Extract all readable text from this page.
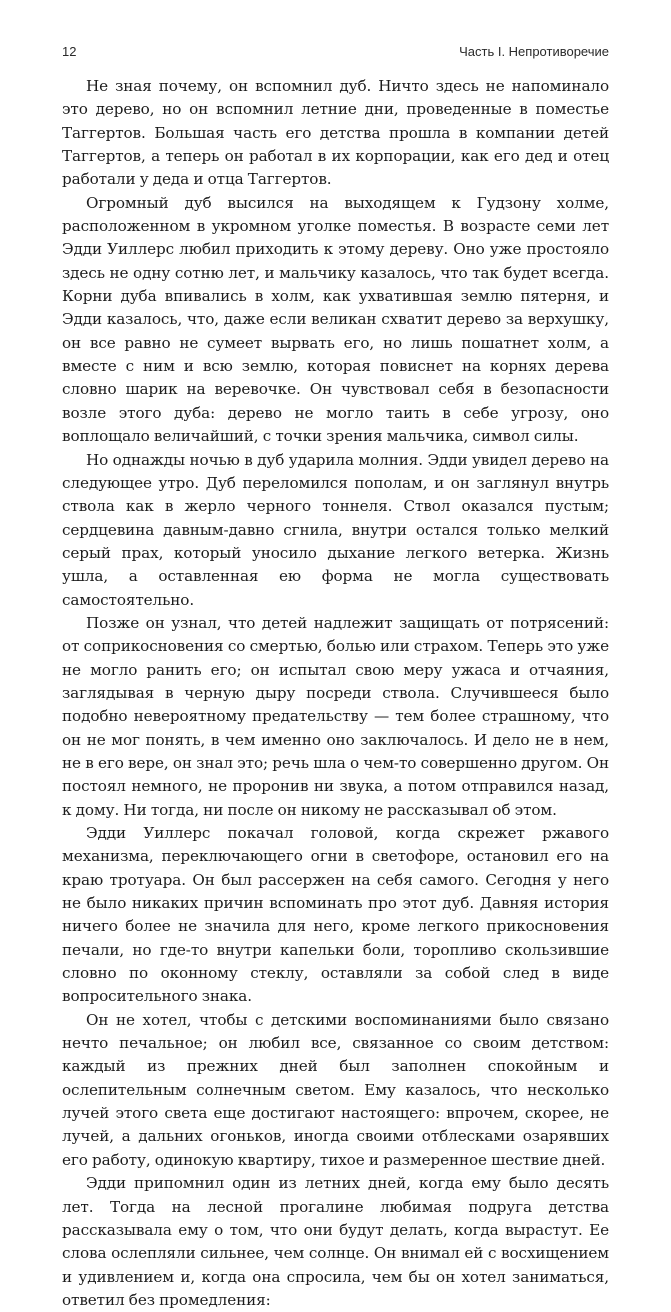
12	Часть I. Непротиворечие

Не зная почему, он вспомнил дуб. Ничто здесь не напоминало это дерево, но он вспомнил летние дни, проведенные в поместье Таггертов. Большая часть его детства прошла в компании детей Таггертов, а теперь он работал в их корпорации, как его дед и отец работали у деда и отца Таггертов.

Огромный дуб высился на выходящем к Гудзону холме, расположенном в укромном уголке поместья. В возрасте семи лет Эдди Уиллерс любил приходить к этому дереву. Оно уже простояло здесь не одну сотню лет, и мальчику казалось, что так будет всегда. Корни дуба впивались в холм, как ухватившая землю пятерня, и Эдди казалось, что, даже если великан схватит дерево за верхушку, он все равно не сумеет вырвать его, но лишь пошатнет холм, а вместе с ним и всю землю, которая повиснет на корнях дерева словно шарик на веревочке. Он чувствовал себя в безопасности возле этого дуба: дерево не могло таить в себе угрозу, оно воплощало величайший, с точки зрения мальчика, символ силы.

Но однажды ночью в дуб ударила молния. Эдди увидел дерево на следующее утро. Дуб переломился пополам, и он заглянул внутрь ствола как в жерло черного тоннеля. Ствол оказался пустым; сердцевина давным-давно сгнила, внутри остался только мелкий серый прах, который уносило дыхание легкого ветерка. Жизнь ушла, а оставленная ею форма не могла существовать самостоятельно.

Позже он узнал, что детей надлежит защищать от потрясений: от соприкосновения со смертью, болью или страхом. Теперь это уже не могло ранить его; он испытал свою меру ужаса и отчаяния, заглядывая в черную дыру посреди ствола. Случившееся было подобно невероятному предательству — тем более страшному, что он не мог понять, в чем именно оно заключалось. И дело не в нем, не в его вере, он знал это; речь шла о чем-то совершенно другом. Он постоял немного, не проронив ни звука, а потом отправился назад, к дому. Ни тогда, ни после он никому не рассказывал об этом.

Эдди Уиллерс покачал головой, когда скрежет ржавого механизма, переключающего огни в светофоре, остановил его на краю тротуара. Он был рассержен на себя самого. Сегодня у него не было никаких причин вспоминать про этот дуб. Давняя история ничего более не значила для него, кроме легкого прикосновения печали, но где-то внутри капельки боли, торопливо скользившие словно по оконному стеклу, оставляли за собой след в виде вопросительного знака.

Он не хотел, чтобы с детскими воспоминаниями было связано нечто печальное; он любил все, связанное со своим детством: каждый из прежних дней был заполнен спокойным и ослепительным солнечным светом. Ему казалось, что несколько лучей этого света еще достигают настоящего: впрочем, скорее, не лучей, а дальних огоньков, иногда своими отблесками озарявших его работу, одинокую квартиру, тихое и размеренное шествие дней.

Эдди припомнил один из летних дней, когда ему было десять лет. Тогда на лесной прогалине любимая подруга детства рассказывала ему о том, что они будут делать, когда вырастут. Ее слова ослепляли сильнее, чем солнце. Он внимал ей с восхищением и удивлением и, когда она спросила, чем бы он хотел заниматься, ответил без промедления:
